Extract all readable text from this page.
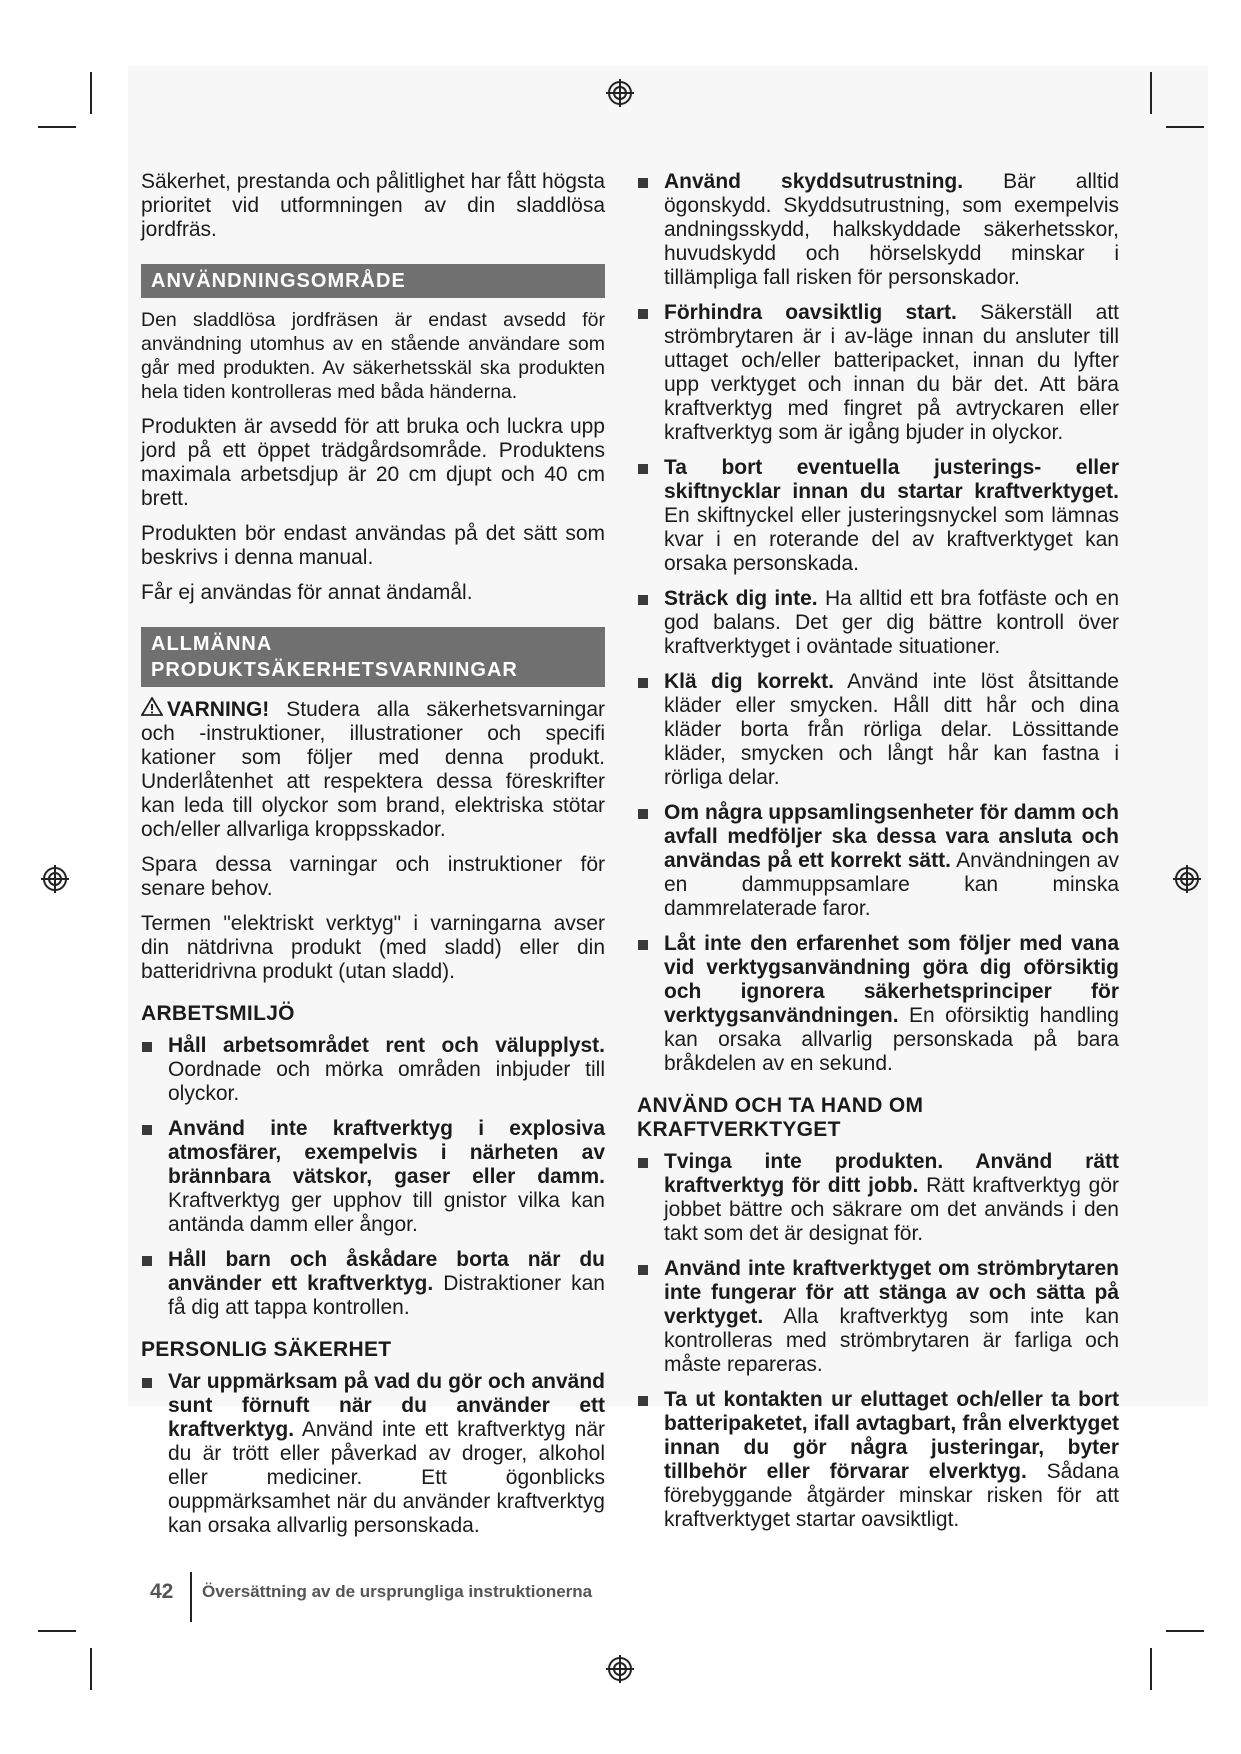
Säkerhet, prestanda och pålitlighet har fått högsta prioritet vid utformningen av din sladdlösa jordfräs.

ANVÄNDNINGSOMRÅDE

Den sladdlösa jordfräsen är endast avsedd för användning utomhus av en stående användare som går med produkten. Av säkerhetsskäl ska produkten hela tiden kontrolleras med båda händerna.

Produkten är avsedd för att bruka och luckra upp jord på ett öppet trädgårdsområde. Produktens maximala arbetsdjup är 20 cm djupt och 40 cm brett.

Produkten bör endast användas på det sätt som beskrivs i denna manual.

Får ej användas för annat ändamål.

ALLMÄNNA
PRODUKTSÄKERHETSVARNINGAR

VARNING! Studera alla säkerhetsvarningar och -instruktioner, illustrationer och specifi kationer som följer med denna produkt. Underlåtenhet att respektera dessa föreskrifter kan leda till olyckor som brand, elektriska stötar och/eller allvarliga kroppsskador.

Spara dessa varningar och instruktioner för senare behov.

Termen "elektriskt verktyg" i varningarna avser din nätdrivna produkt (med sladd) eller din batteridrivna produkt (utan sladd).

ARBETSMILJÖ
Håll arbetsområdet rent och välupplyst. Oordnade och mörka områden inbjuder till olyckor.
Använd inte kraftverktyg i explosiva atmosfärer, exempelvis i närheten av brännbara vätskor, gaser eller damm. Kraftverktyg ger upphov till gnistor vilka kan antända damm eller ångor.
Håll barn och åskådare borta när du använder ett kraftverktyg. Distraktioner kan få dig att tappa kontrollen.
PERSONLIG SÄKERHET
Var uppmärksam på vad du gör och använd sunt förnuft när du använder ett kraftverktyg. Använd inte ett kraftverktyg när du är trött eller påverkad av droger, alkohol eller mediciner. Ett ögonblicks ouppmärksamhet när du använder kraftverktyg kan orsaka allvarlig personskada.
Använd skyddsutrustning. Bär alltid ögonskydd. Skyddsutrustning, som exempelvis andningsskydd, halkskyddade säkerhetsskor, huvudskydd och hörselskydd minskar i tillämpliga fall risken för personskador.
Förhindra oavsiktlig start. Säkerställ att strömbrytaren är i av-läge innan du ansluter till uttaget och/eller batteripacket, innan du lyfter upp verktyget och innan du bär det. Att bära kraftverktyg med fingret på avtryckaren eller kraftverktyg som är igång bjuder in olyckor.
Ta bort eventuella justerings- eller skiftnycklar innan du startar kraftverktyget. En skiftnyckel eller justeringsnyckel som lämnas kvar i en roterande del av kraftverktyget kan orsaka personskada.
Sträck dig inte. Ha alltid ett bra fotfäste och en god balans. Det ger dig bättre kontroll över kraftverktyget i oväntade situationer.
Klä dig korrekt. Använd inte löst åtsittande kläder eller smycken. Håll ditt hår och dina kläder borta från rörliga delar. Lössittande kläder, smycken och långt hår kan fastna i rörliga delar.
Om några uppsamlingsenheter för damm och avfall medföljer ska dessa vara anslutа och användas på ett korrekt sätt. Användningen av en dammuppsamlare kan minska dammrelaterade faror.
Låt inte den erfarenhet som följer med vana vid verktygsanvändning göra dig oförsiktig och ignorera säkerhetsprinciper för verktygsanvändningen. En oförsiktig handling kan orsaka allvarlig personskada på bara bråkdelen av en sekund.
ANVÄND OCH TA HAND OM KRAFTVERKTYGET
Tvinga inte produkten. Använd rätt kraftverktyg för ditt jobb. Rätt kraftverktyg gör jobbet bättre och säkrare om det används i den takt som det är designat för.
Använd inte kraftverktyget om strömbrytaren inte fungerar för att stänga av och sätta på verktyget. Alla kraftverktyg som inte kan kontrolleras med strömbrytaren är farliga och måste repareras.
Ta ut kontakten ur eluttaget och/eller ta bort batteripaketet, ifall avtagbart, från elverktyget innan du gör några justeringar, byter tillbehör eller förvarar elverktyg. Sådana förebyggande åtgärder minskar risken för att kraftverktyget startar oavsiktligt.
42 Översättning av de ursprungliga instruktionerna
